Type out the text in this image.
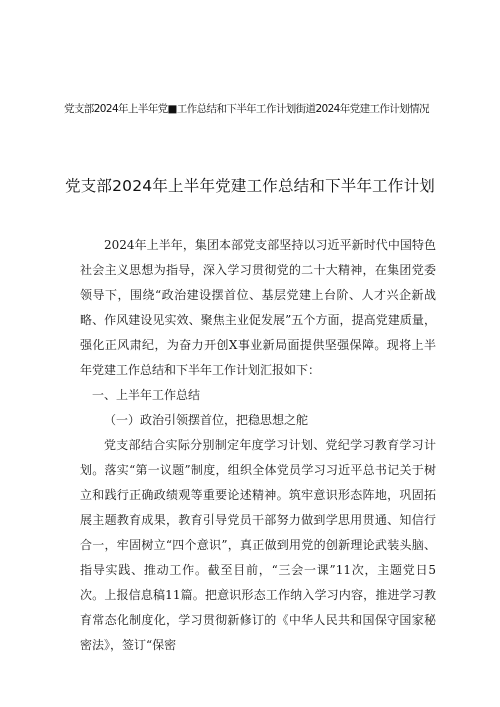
党支部2024年上半年党■工作总结和下半年工作计划街道2024年党建工作计划情况
党支部2024年上半年党建工作总结和下半年工作计划

2024年上半年，集团本部党支部坚持以习近平新时代中国特色社会主义思想为指导，深入学习贯彻党的二十大精神，在集团党委领导下，围绕“政治建设摆首位、基层党建上台阶、人才兴企新战略、作风建设见实效、聚焦主业促发展”五个方面，提高党建质量，强化正风肃纪，为奋力开创X事业新局面提供坚强保障。现将上半年党建工作总结和下半年工作计划汇报如下：

一、上半年工作总结

（一）政治引领摆首位，把稳思想之舵

党支部结合实际分别制定年度学习计划、党纪学习教育学习计划。落实“第一议题”制度，组织全体党员学习习近平总书记关于树立和践行正确政绩观等重要论述精神。筑牢意识形态阵地，巩固拓展主题教育成果，教育引导党员干部努力做到学思用贯通、知信行合一，牢固树立“四个意识”，真正做到用党的创新理论武装头脑、指导实践、推动工作。截至目前，“三会一课”11次，主题党日5次。上报信息稿11篇。把意识形态工作纳入学习内容，推进学习教育常态化制度化，学习贯彻新修订的《中华人民共和国保守国家秘密法》，签订“保密
